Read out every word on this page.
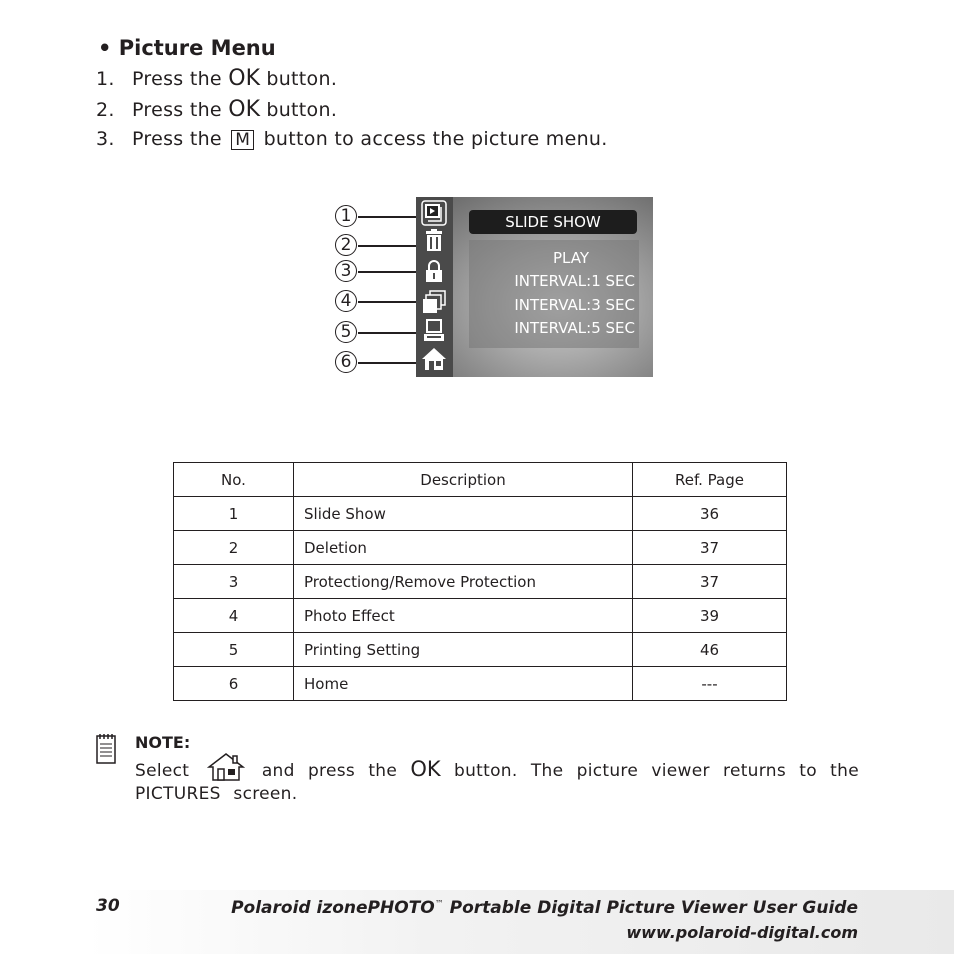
• Picture Menu
1. Press the OK button.
2. Press the OK button.
3. Press the M button to access the picture menu.
1
2
3
4
5
6
SLIDE SHOW
PLAY
INTERVAL:1 SEC
INTERVAL:3 SEC
INTERVAL:5 SEC
No.	Description	Ref. Page
1	Slide Show	36
2	Deletion	37
3	Protectiong/Remove Protection	37
4	Photo Effect	39
5	Printing Setting	46
6	Home	---
NOTE:
Select	and press the OK button. The picture viewer returns to the PICTURES screen.
30	Polaroid izonePHOTO™ Portable Digital Picture Viewer User Guide
www.polaroid-digital.com
